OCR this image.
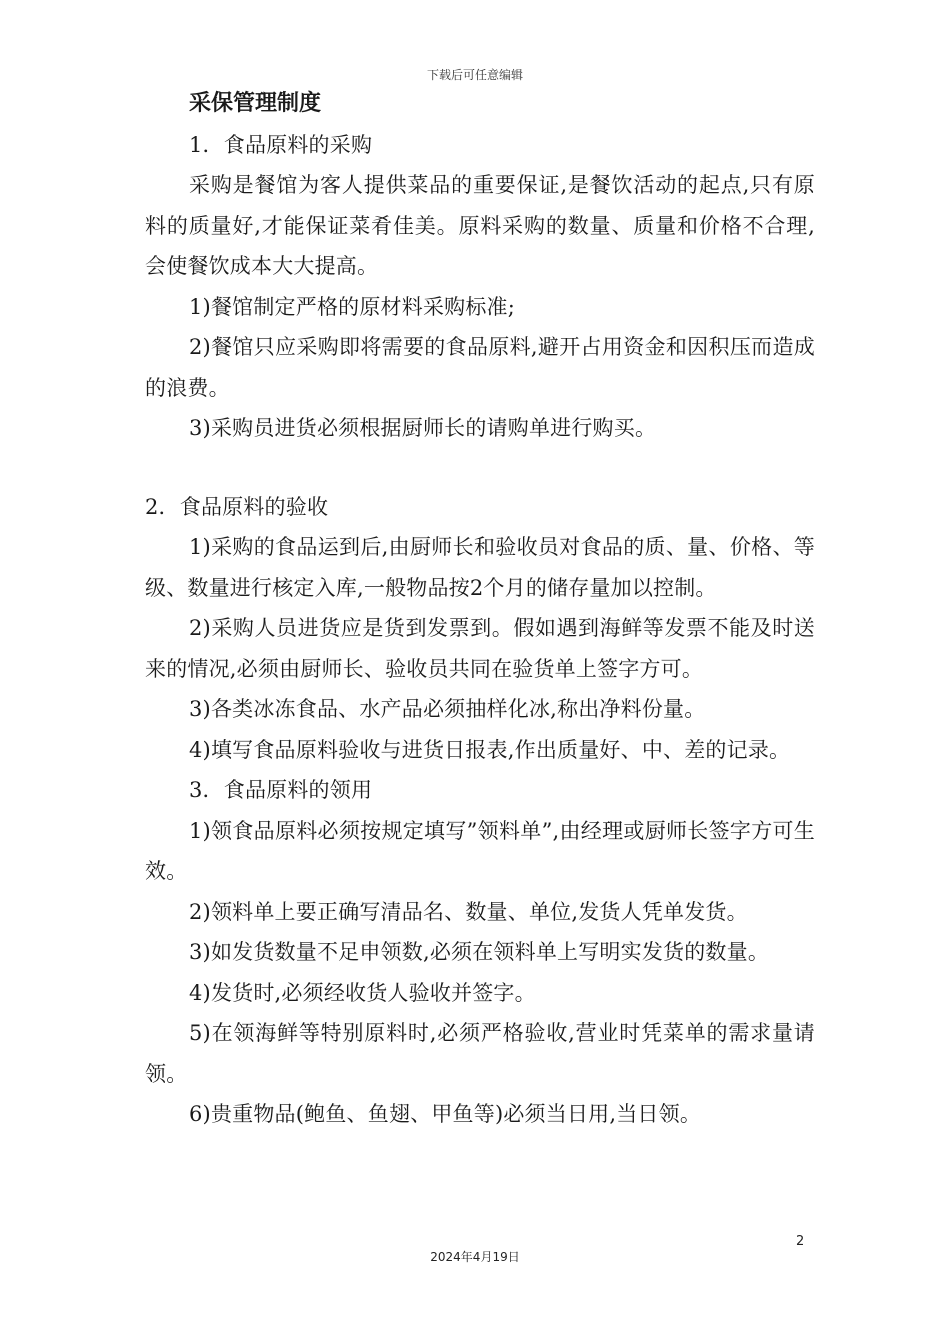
下载后可任意编辑
采保管理制度

1．食品原料的采购

采购是餐馆为客人提供菜品的重要保证,是餐饮活动的起点,只有原料的质量好,才能保证菜肴佳美。原料采购的数量、质量和价格不合理,会使餐饮成本大大提高。

1)餐馆制定严格的原材料采购标准;

2)餐馆只应采购即将需要的食品原料,避开占用资金和因积压而造成的浪费。

3)采购员进货必须根据厨师长的请购单进行购买。

2．食品原料的验收

1)采购的食品运到后,由厨师长和验收员对食品的质、量、价格、等级、数量进行核定入库,一般物品按2个月的储存量加以控制。

2)采购人员进货应是货到发票到。假如遇到海鲜等发票不能及时送来的情况,必须由厨师长、验收员共同在验货单上签字方可。

3)各类冰冻食品、水产品必须抽样化冰,称出净料份量。

4)填写食品原料验收与进货日报表,作出质量好、中、差的记录。

3．食品原料的领用

1)领食品原料必须按规定填写”领料单”,由经理或厨师长签字方可生效。

2)领料单上要正确写清品名、数量、单位,发货人凭单发货。

3)如发货数量不足申领数,必须在领料单上写明实发货的数量。

4)发货时,必须经收货人验收并签字。

5)在领海鲜等特别原料时,必须严格验收,营业时凭菜单的需求量请领。

6)贵重物品(鲍鱼、鱼翅、甲鱼等)必须当日用,当日领。

2
2024年4月19日
